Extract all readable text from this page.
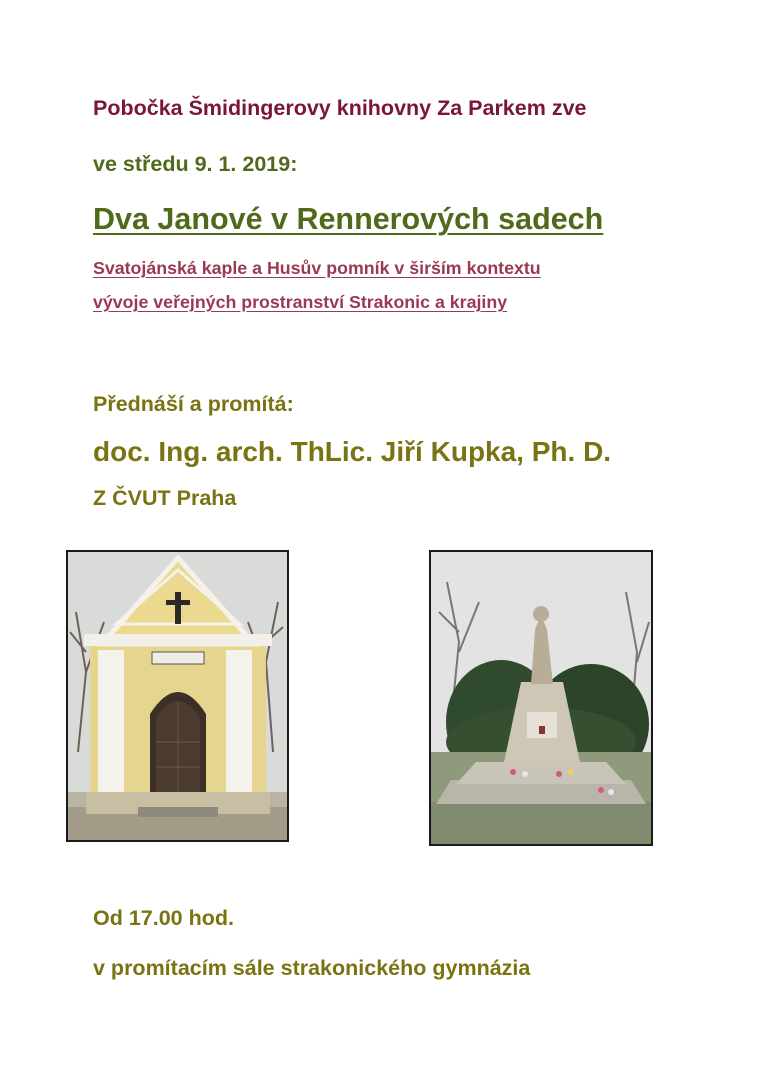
Pobočka Šmidingerovy knihovny Za Parkem zve

ve středu 9. 1. 2019:

Dva Janové v Rennerových sadech

Svatojánská kaple a Husův pomník v širším kontextu

vývoje veřejných prostranství Strakonic a krajiny

Přednáší a promítá:

doc. Ing. arch. ThLic. Jiří Kupka, Ph. D.

Z ČVUT Praha

Od 17.00 hod.

v promítacím sále strakonického gymnázia
